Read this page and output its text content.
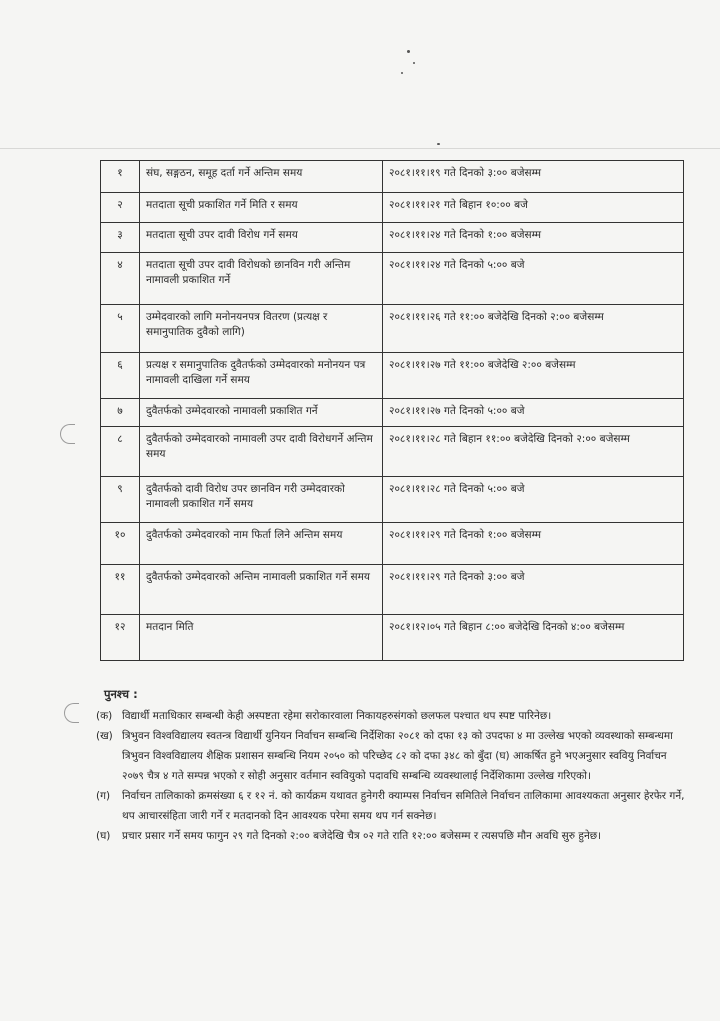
१	संघ, सङ्गठन, समूह दर्ता गर्ने अन्तिम समय	२०८१।११।१९ गते दिनको ३:०० बजेसम्म
२	मतदाता सूची प्रकाशित गर्ने मिति र समय	२०८१।११।२१ गते बिहान १०:०० बजे
३	मतदाता सूची उपर दावी विरोध गर्ने समय	२०८१।११।२४ गते दिनको १:०० बजेसम्म
४	मतदाता सूची उपर दावी विरोधको छानविन गरी अन्तिम नामावली प्रकाशित गर्ने	२०८१।११।२४ गते दिनको ५:०० बजे
५	उम्मेदवारको लागि मनोनयनपत्र वितरण (प्रत्यक्ष र समानुपातिक दुवैको लागि)	२०८१।११।२६ गते ११:०० बजेदेखि दिनको २:०० बजेसम्म
६	प्रत्यक्ष र समानुपातिक दुवैतर्फको उम्मेदवारको मनोनयन पत्र नामावली दाखिला गर्ने समय	२०८१।११।२७ गते ११:०० बजेदेखि २:०० बजेसम्म
७	दुवैतर्फको उम्मेदवारको नामावली प्रकाशित गर्ने	२०८१।११।२७ गते दिनको ५:०० बजे
८	दुवैतर्फको उम्मेदवारको नामावली उपर दावी विरोधगर्ने अन्तिम समय	२०८१।११।२८ गते बिहान ११:०० बजेदेखि दिनको २:०० बजेसम्म
९	दुवैतर्फको दावी विरोध उपर छानविन गरी उम्मेदवारको नामावली प्रकाशित गर्ने समय	२०८१।११।२८ गते दिनको ५:०० बजे
१०	दुवैतर्फको उम्मेदवारको नाम फिर्ता लिने अन्तिम समय	२०८१।११।२९ गते दिनको १:०० बजेसम्म
११	दुवैतर्फको उम्मेदवारको अन्तिम नामावली प्रकाशित गर्ने समय	२०८१।११।२९ गते दिनको ३:०० बजे
१२	मतदान मिति	२०८१।१२।०५ गते बिहान ८:०० बजेदेखि दिनको ४:०० बजेसम्म
पुनश्च :
(क) विद्यार्थी मताधिकार सम्बन्धी केही अस्पष्टता रहेमा सरोकारवाला निकायहरुसंगको छलफल पश्चात थप स्पष्ट पारिनेछ।
(ख) त्रिभुवन विश्वविद्यालय स्वतन्त्र विद्यार्थी युनियन निर्वाचन सम्बन्धि निर्देशिका २०८१ को दफा १३ को उपदफा ४ मा उल्लेख भएको व्यवस्थाको सम्बन्धमा त्रिभुवन विश्वविद्यालय शैक्षिक प्रशासन सम्बन्धि नियम २०५० को परिच्छेद ८२ को दफा ३४८ को बुँदा (घ) आकर्षित हुने भएअनुसार स्ववियु निर्वाचन २०७९ चैत्र ४ गते सम्पन्न भएको र सोही अनुसार वर्तमान स्ववियुको पदावधि सम्बन्धि व्यवस्थालाई निर्देशिकामा उल्लेख गरिएको।
(ग) निर्वाचन तालिकाको क्रमसंख्या ६ र १२ नं. को कार्यक्रम यथावत हुनेगरी क्याम्पस निर्वाचन समितिले निर्वाचन तालिकामा आवश्यकता अनुसार हेरफेर गर्ने, थप आचारसंहिता जारी गर्ने र मतदानको दिन आवश्यक परेमा समय थप गर्न सक्नेछ।
(घ) प्रचार प्रसार गर्ने समय फागुन २९ गते दिनको २:०० बजेदेखि चैत्र ०२ गते राति १२:०० बजेसम्म र त्यसपछि मौन अवधि सुरु हुनेछ।
